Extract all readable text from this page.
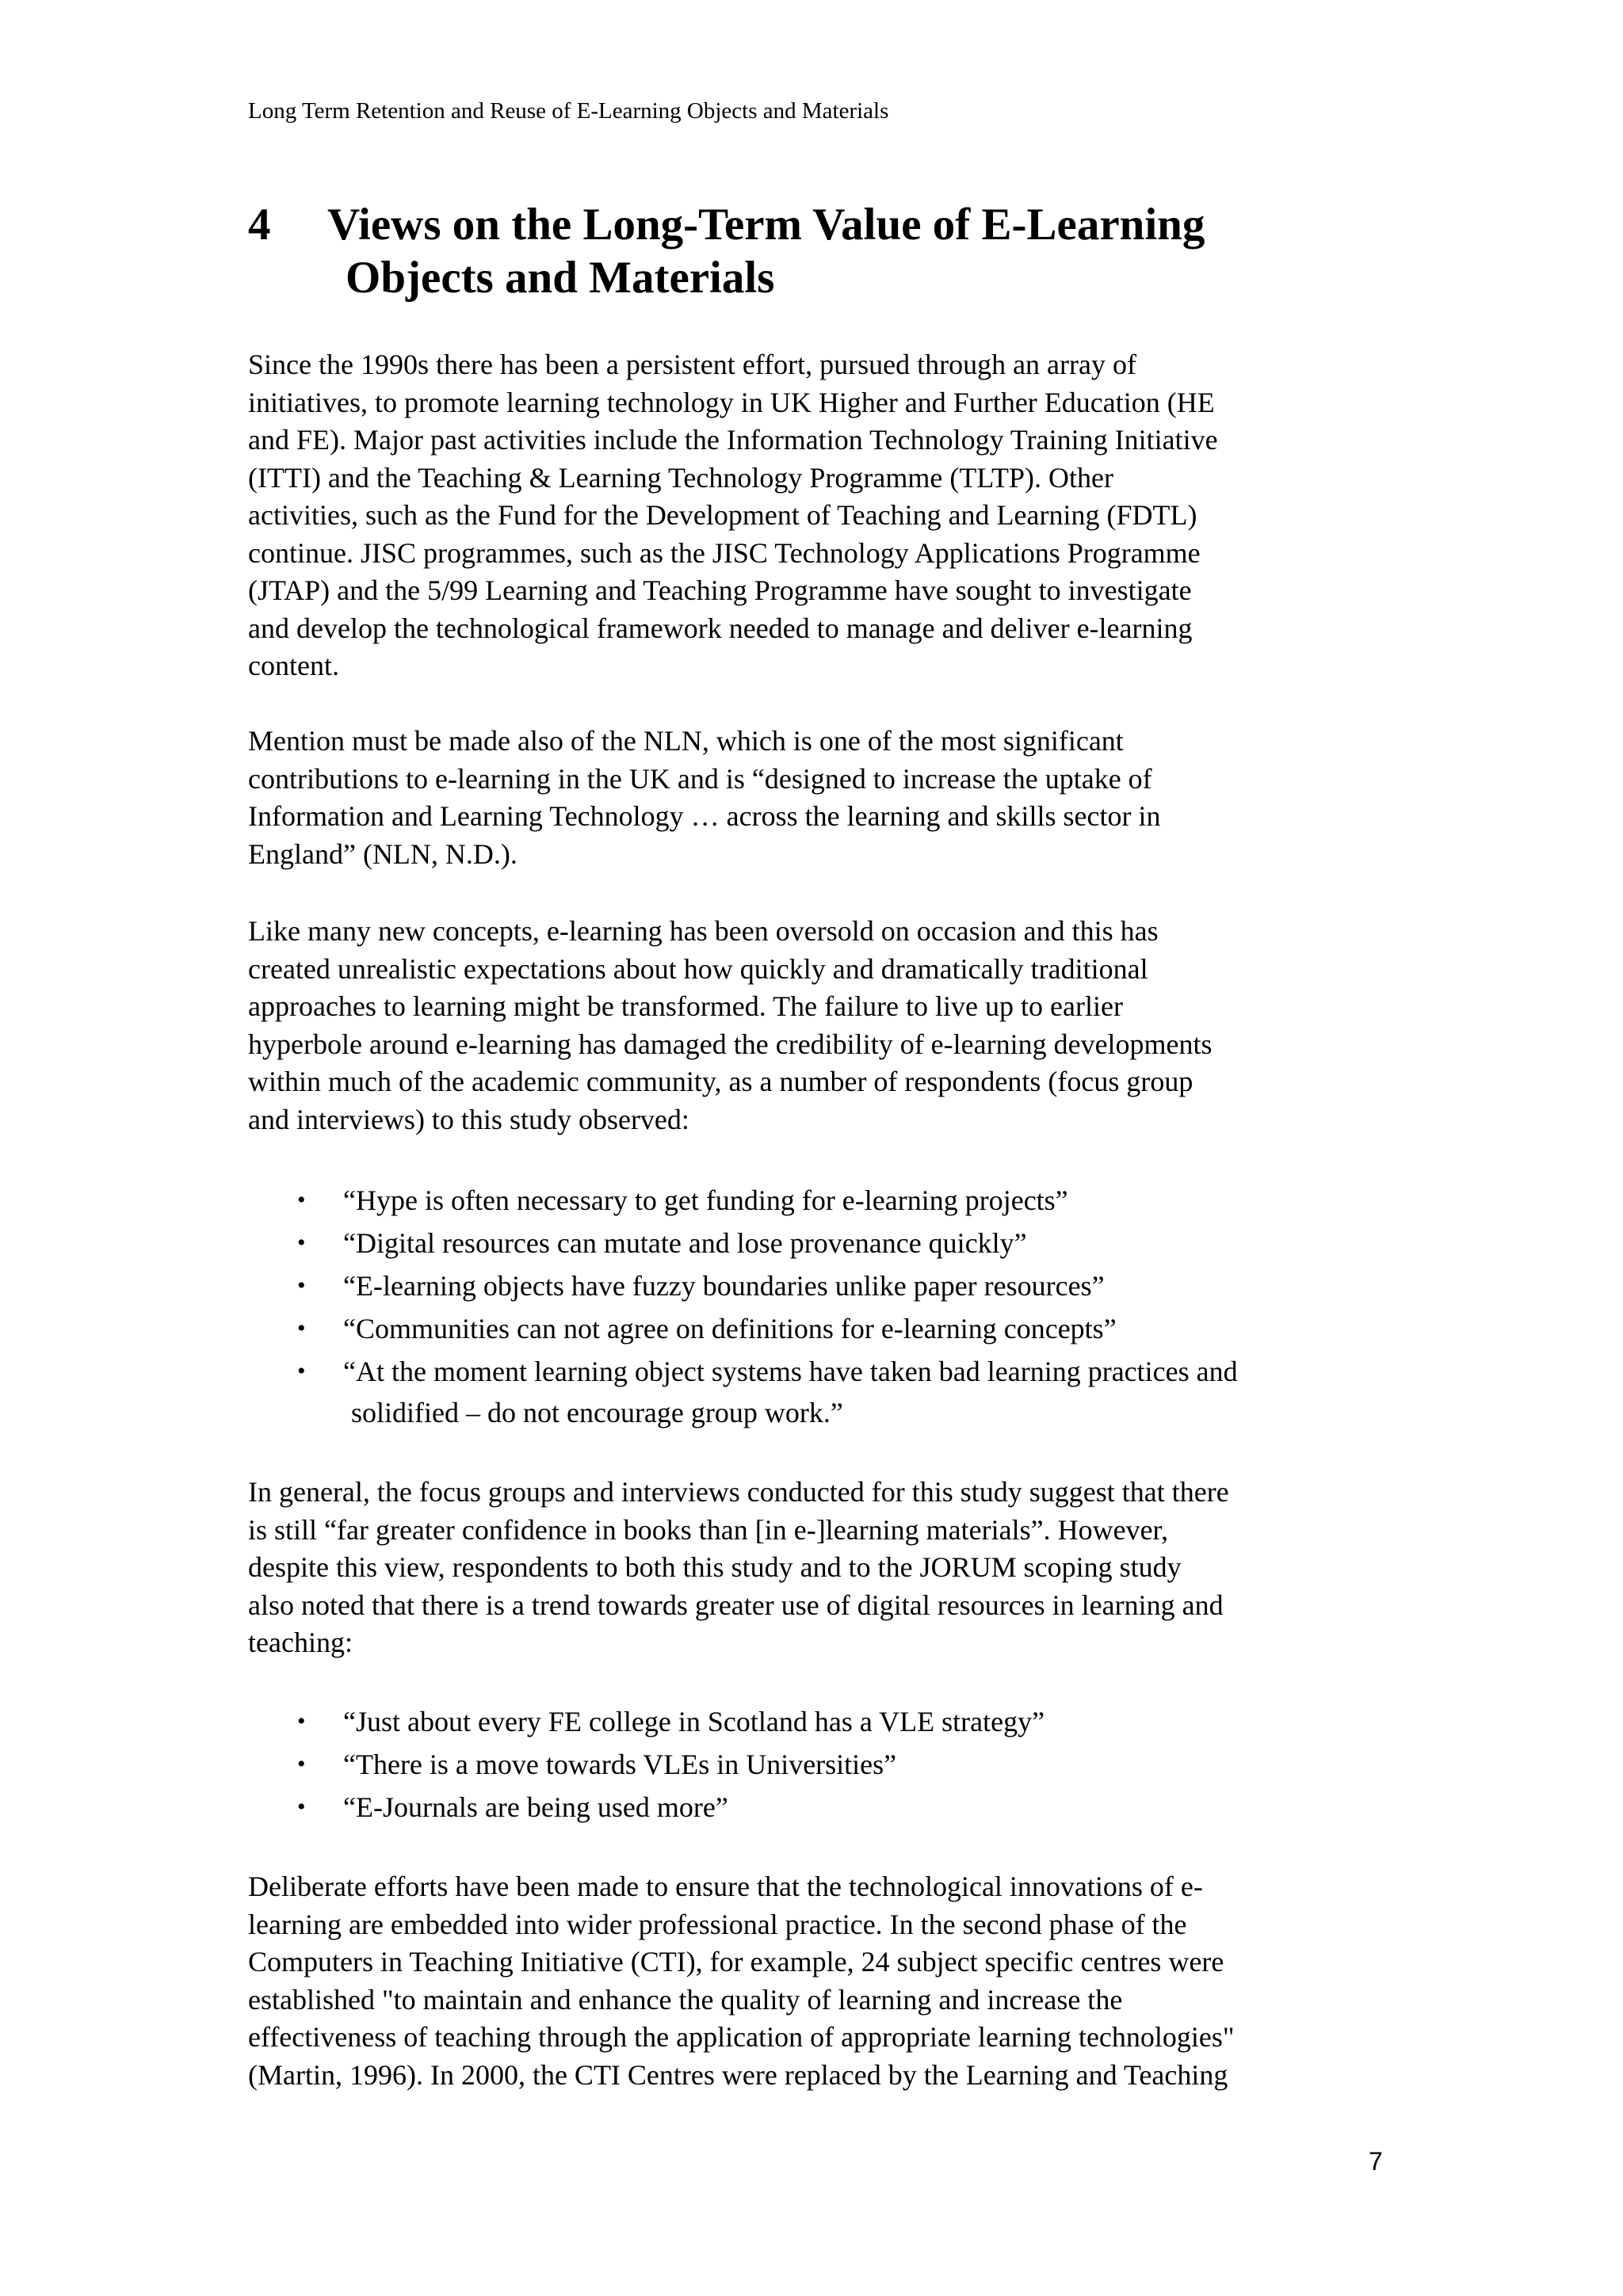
Long Term Retention and Reuse of E-Learning Objects and Materials
4 Views on the Long-Term Value of E-Learning
Objects and Materials
Since the 1990s there has been a persistent effort, pursued through an array of
initiatives, to promote learning technology in UK Higher and Further Education (HE
and FE). Major past activities include the Information Technology Training Initiative
(ITTI) and the Teaching & Learning Technology Programme (TLTP). Other
activities, such as the Fund for the Development of Teaching and Learning (FDTL)
continue. JISC programmes, such as the JISC Technology Applications Programme
(JTAP) and the 5/99 Learning and Teaching Programme have sought to investigate
and develop the technological framework needed to manage and deliver e-learning
content.
Mention must be made also of the NLN, which is one of the most significant
contributions to e-learning in the UK and is “designed to increase the uptake of
Information and Learning Technology … across the learning and skills sector in
England” (NLN, N.D.).
Like many new concepts, e-learning has been oversold on occasion and this has
created unrealistic expectations about how quickly and dramatically traditional
approaches to learning might be transformed. The failure to live up to earlier
hyperbole around e-learning has damaged the credibility of e-learning developments
within much of the academic community, as a number of respondents (focus group
and interviews) to this study observed:
• “Hype is often necessary to get funding for e-learning projects”
• “Digital resources can mutate and lose provenance quickly”
• “E-learning objects have fuzzy boundaries unlike paper resources”
• “Communities can not agree on definitions for e-learning concepts”
• “At the moment learning object systems have taken bad learning practices and
solidified – do not encourage group work.”
In general, the focus groups and interviews conducted for this study suggest that there
is still “far greater confidence in books than [in e-]learning materials”. However,
despite this view, respondents to both this study and to the JORUM scoping study
also noted that there is a trend towards greater use of digital resources in learning and
teaching:
• “Just about every FE college in Scotland has a VLE strategy”
• “There is a move towards VLEs in Universities”
• “E-Journals are being used more”
Deliberate efforts have been made to ensure that the technological innovations of e-
learning are embedded into wider professional practice. In the second phase of the
Computers in Teaching Initiative (CTI), for example, 24 subject specific centres were
established "to maintain and enhance the quality of learning and increase the
effectiveness of teaching through the application of appropriate learning technologies"
(Martin, 1996). In 2000, the CTI Centres were replaced by the Learning and Teaching
7
